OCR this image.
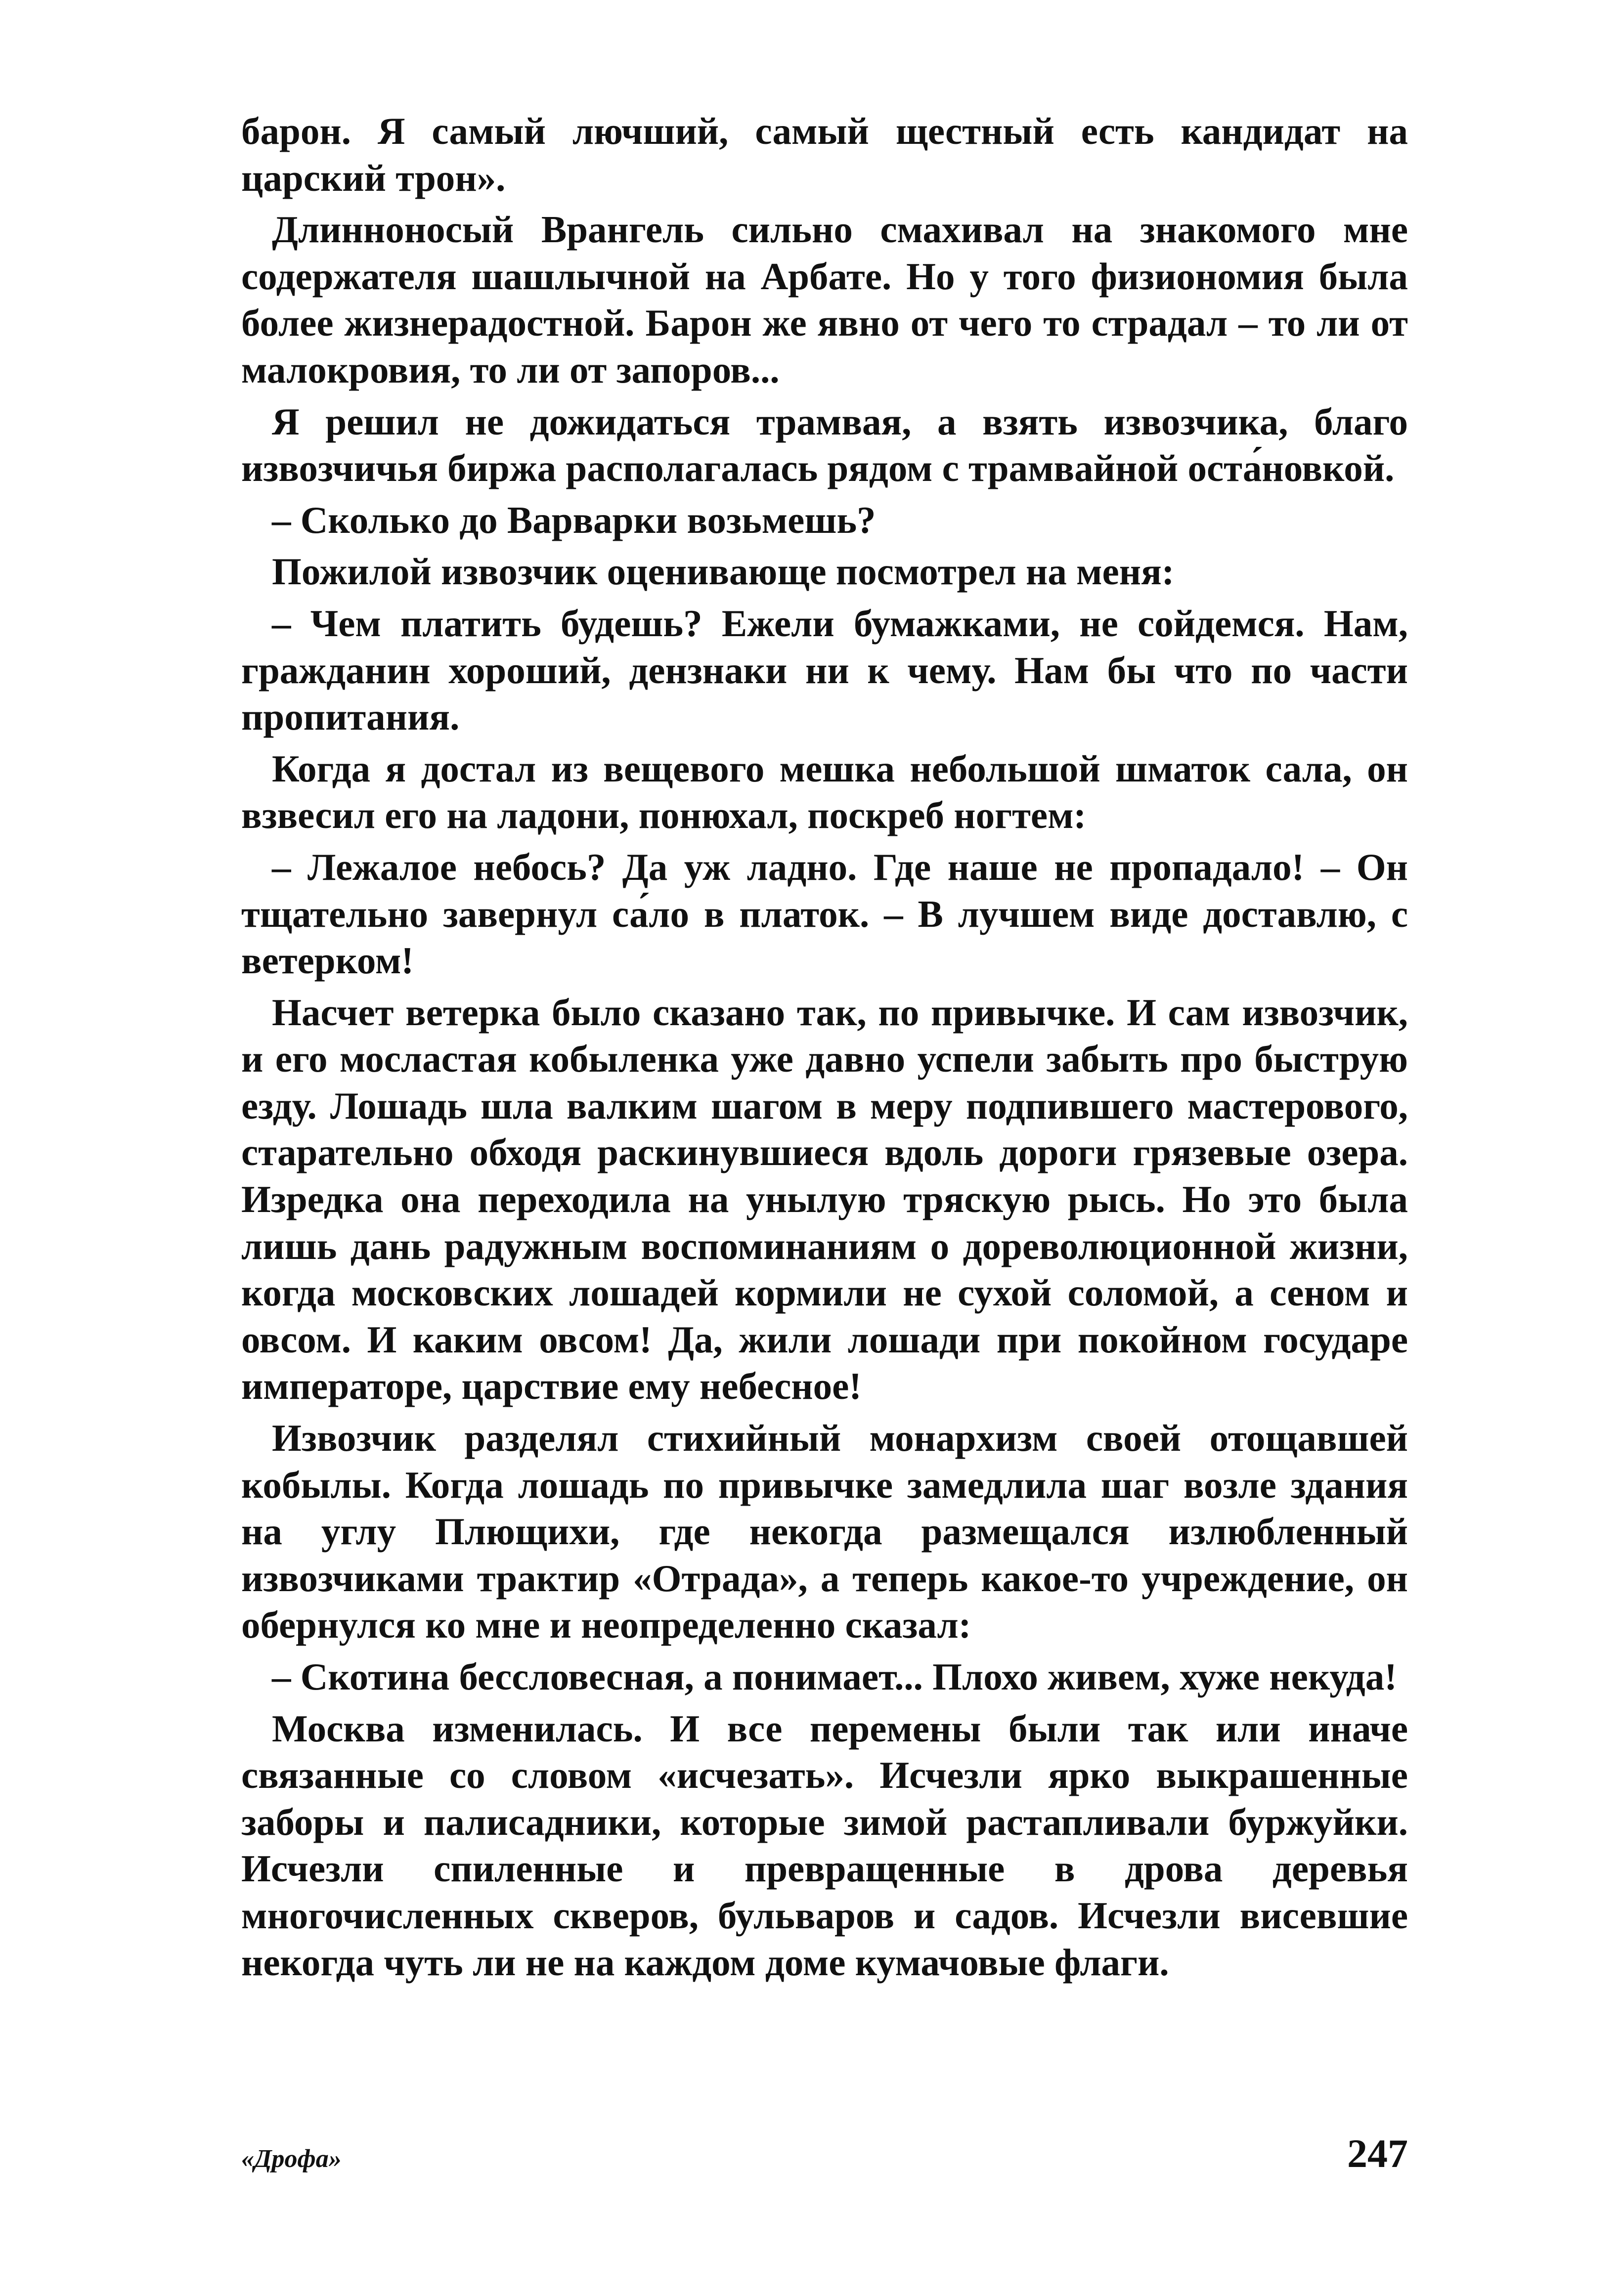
барон. Я самый лючший, самый щестный есть кандидат на царский трон».

Длинноносый Врангель сильно смахивал на знакомого мне содержателя шашлычной на Арбате. Но у того физиономия была более жизнерадостной. Барон же явно от чего то страдал – то ли от малокровия, то ли от запоров...

Я решил не дожидаться трамвая, а взять извозчика, благо извозчичья биржа располагалась рядом с трамвайной оста́новкой.

– Сколько до Варварки возьмешь?

Пожилой извозчик оценивающе посмотрел на меня:

– Чем платить будешь? Ежели бумажками, не сойдемся. Нам, гражданин хороший, дензнаки ни к чему. Нам бы что по части пропитания.

Когда я достал из вещевого мешка небольшой шматок сала, он взвесил его на ладони, понюхал, поскреб ногтем:

– Лежалое небось? Да уж ладно. Где наше не пропадало! – Он тщательно завернул са́ло в платок. – В лучшем виде доставлю, с ветерком!

Насчет ветерка было сказано так, по привычке. И сам извозчик, и его мосластая кобыленка уже давно успели забыть про быструю езду. Лошадь шла валким шагом в меру подпившего мастерового, старательно обходя раскинувшиеся вдоль дороги грязевые озера. Изредка она переходила на унылую тряскую рысь. Но это была лишь дань радужным воспоминаниям о дореволюционной жизни, когда московских лошадей кормили не сухой соломой, а сеном и овсом. И каким овсом! Да, жили лошади при покойном государе императоре, царствие ему небесное!

Извозчик разделял стихийный монархизм своей отощавшей кобылы. Когда лошадь по привычке замедлила шаг возле здания на углу Плющихи, где некогда размещался излюбленный извозчиками трактир «Отрада», а теперь какое-то учреждение, он обернулся ко мне и неопределенно сказал:

– Скотина бессловесная, а понимает... Плохо живем, хуже некуда!

Москва изменилась. И все перемены были так или иначе связанные со словом «исчезать». Исчезли ярко выкрашенные заборы и палисадники, которые зимой растапливали буржуйки. Исчезли спиленные и превращенные в дрова деревья многочисленных скверов, бульваров и садов. Исчезли висевшие некогда чуть ли не на каждом доме кумачовые флаги.

«Дрофа»	247
